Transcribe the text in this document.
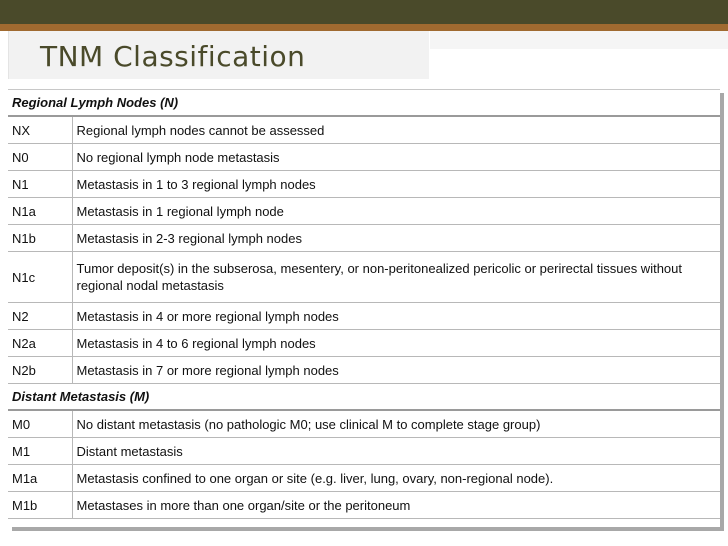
TNM Classification
Regional Lymph Nodes (N)	
NX	Regional lymph nodes cannot be assessed
N0	No regional lymph node metastasis
N1	Metastasis in 1 to 3 regional lymph nodes
N1a	Metastasis in 1 regional lymph node
N1b	Metastasis in 2-3 regional lymph nodes
N1c	Tumor deposit(s) in the subserosa, mesentery, or non-peritonealized pericolic or perirectal tissues without regional nodal metastasis
N2	Metastasis in 4 or more regional lymph nodes
N2a	Metastasis in 4 to 6 regional lymph nodes
N2b	Metastasis in 7 or more regional lymph nodes
Distant Metastasis (M)	
M0	No distant metastasis (no pathologic M0; use clinical M to complete stage group)
M1	Distant metastasis
M1a	Metastasis confined to one organ or site (e.g. liver, lung, ovary, non-regional node).
M1b	Metastases in more than one organ/site or the peritoneum
